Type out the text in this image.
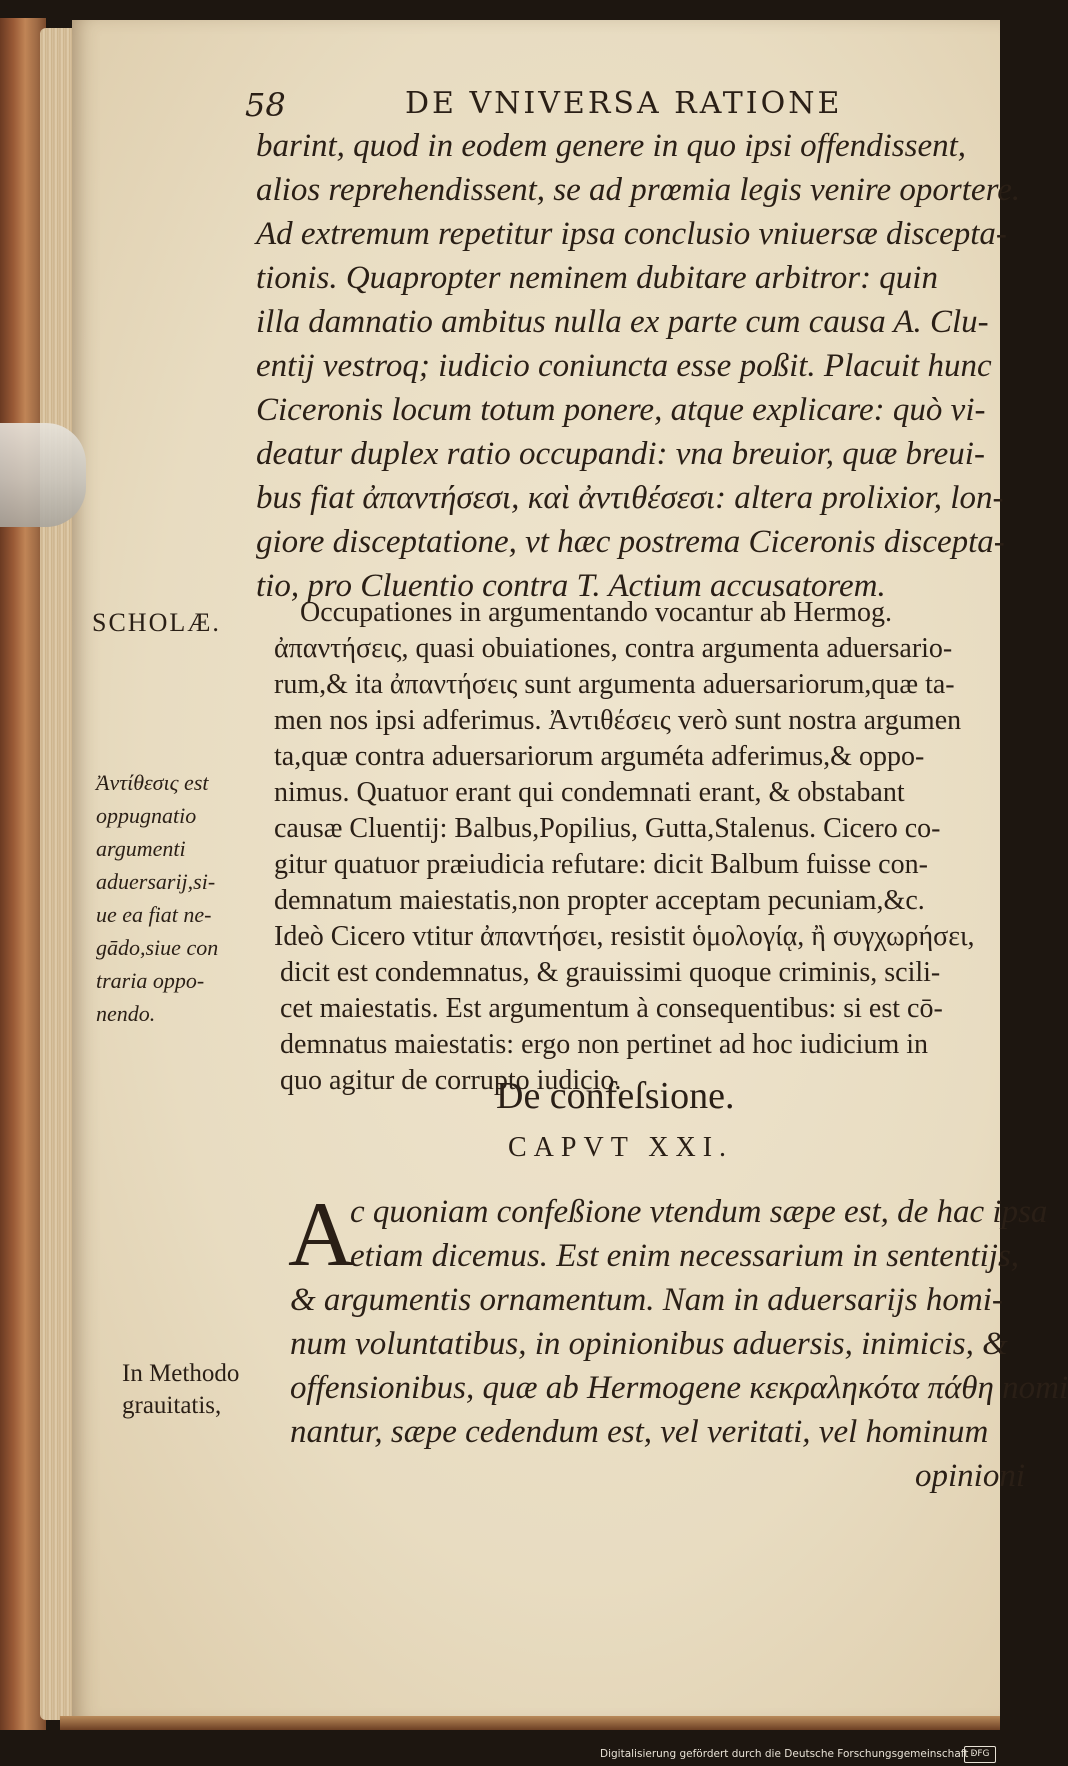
58	DE VNIVERSA RATIONE
barint, quod in eodem genere in quo ipsi offendissent,
alios reprehendissent, se ad prœmia legis venire oportere.
Ad extremum repetitur ipsa conclusio vniuersæ discepta-
tionis. Quapropter neminem dubitare arbitror: quin
illa damnatio ambitus nulla ex parte cum causa A. Clu-
entij vestroq; iudicio coniuncta esse poßit. Placuit hunc
Ciceronis locum totum ponere, atque explicare: quò vi-
deatur duplex ratio occupandi: vna breuior, quæ breui-
bus fiat ἀπαντήσεσι, καὶ ἀντιθέσεσι: altera prolixior, lon-
giore disceptatione, vt hæc postrema Ciceronis discepta-
tio, pro Cluentio contra T. Actium accusatorem.
SCHOLÆ.	Occupationes in argumentando vocantur ab Hermog.
ἀπαντήσεις, quasi obuiationes, contra argumenta aduersario-
rum,& ita ἀπαντήσεις sunt argumenta aduersariorum,quæ ta-
men nos ipsi adferimus. Ἀντιθέσεις verò sunt nostra argumen
ta,quæ contra aduersariorum arguméta adferimus,& oppo-
nimus. Quatuor erant qui condemnati erant, & obstabant
causæ Cluentij: Balbus,Popilius, Gutta,Stalenus. Cicero co-
gitur quatuor præiudicia refutare: dicit Balbum fuisse con-
demnatum maiestatis,non propter acceptam pecuniam,&c.
Ideò Cicero vtitur ἀπαντήσει, resistit ὁμολογίᾳ, ἢ συγχωρήσει,
dicit est condemnatus, & grauissimi quoque criminis, scili-
cet maiestatis. Est argumentum à consequentibus: si est cō-
demnatus maiestatis: ergo non pertinet ad hoc iudicium in
quo agitur de corrupto iudicio.
Ἀντίθεσις est
oppugnatio
argumenti
aduersarij,si-
ue ea fiat ne-
gādo,siue con
traria oppo-
nendo.
De confeſsione.
CAPVT XXI.
A
c quoniam confeßione vtendum sæpe est, de hac ipsa
etiam dicemus. Est enim necessarium in sententijs,
& argumentis ornamentum. Nam in aduersarijs homi-
num voluntatibus, in opinionibus aduersis, inimicis, &
offensionibus, quæ ab Hermogene κεκραληκότα πάθη nomi
nantur, sæpe cedendum est, vel veritati, vel hominum
opinioni
In Methodo
grauitatis,
Digitalisierung gefördert durch die Deutsche Forschungsgemeinschaft ·
DFG
